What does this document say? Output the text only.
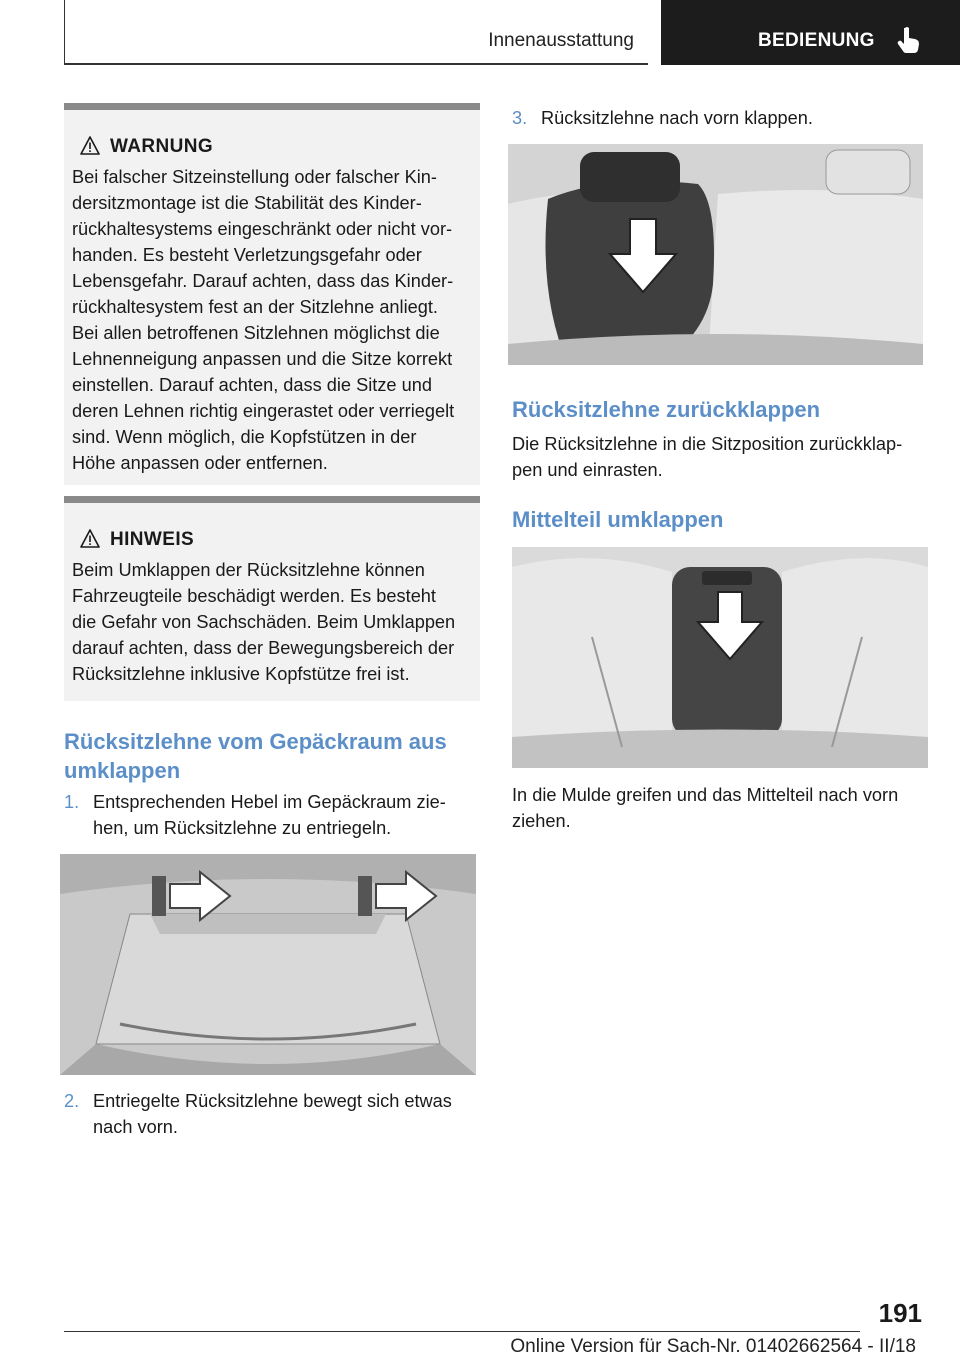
Innenausstattung	BEDIENUNG
WARNUNG
Bei falscher Sitzeinstellung oder falscher Kin-
dersitzmontage ist die Stabilität des Kinder-
rückhaltesystems eingeschränkt oder nicht vor-
handen. Es besteht Verletzungsgefahr oder
Lebensgefahr. Darauf achten, dass das Kinder-
rückhaltesystem fest an der Sitzlehne anliegt.
Bei allen betroffenen Sitzlehnen möglichst die
Lehnenneigung anpassen und die Sitze korrekt
einstellen. Darauf achten, dass die Sitze und
deren Lehnen richtig eingerastet oder verriegelt
sind. Wenn möglich, die Kopfstützen in der
Höhe anpassen oder entfernen.
HINWEIS
Beim Umklappen der Rücksitzlehne können
Fahrzeugteile beschädigt werden. Es besteht
die Gefahr von Sachschäden. Beim Umklappen
darauf achten, dass der Bewegungsbereich der
Rücksitzlehne inklusive Kopfstütze frei ist.
Rücksitzlehne vom Gepäckraum aus
umklappen
1. Entsprechenden Hebel im Gepäckraum zie-
hen, um Rücksitzlehne zu entriegeln.
2. Entriegelte Rücksitzlehne bewegt sich etwas
nach vorn.
3. Rücksitzlehne nach vorn klappen.
Rücksitzlehne zurückklappen
Die Rücksitzlehne in die Sitzposition zurückklap-
pen und einrasten.
Mittelteil umklappen
In die Mulde greifen und das Mittelteil nach vorn
ziehen.
191
Online Version für Sach-Nr. 01402662564 - II/18
